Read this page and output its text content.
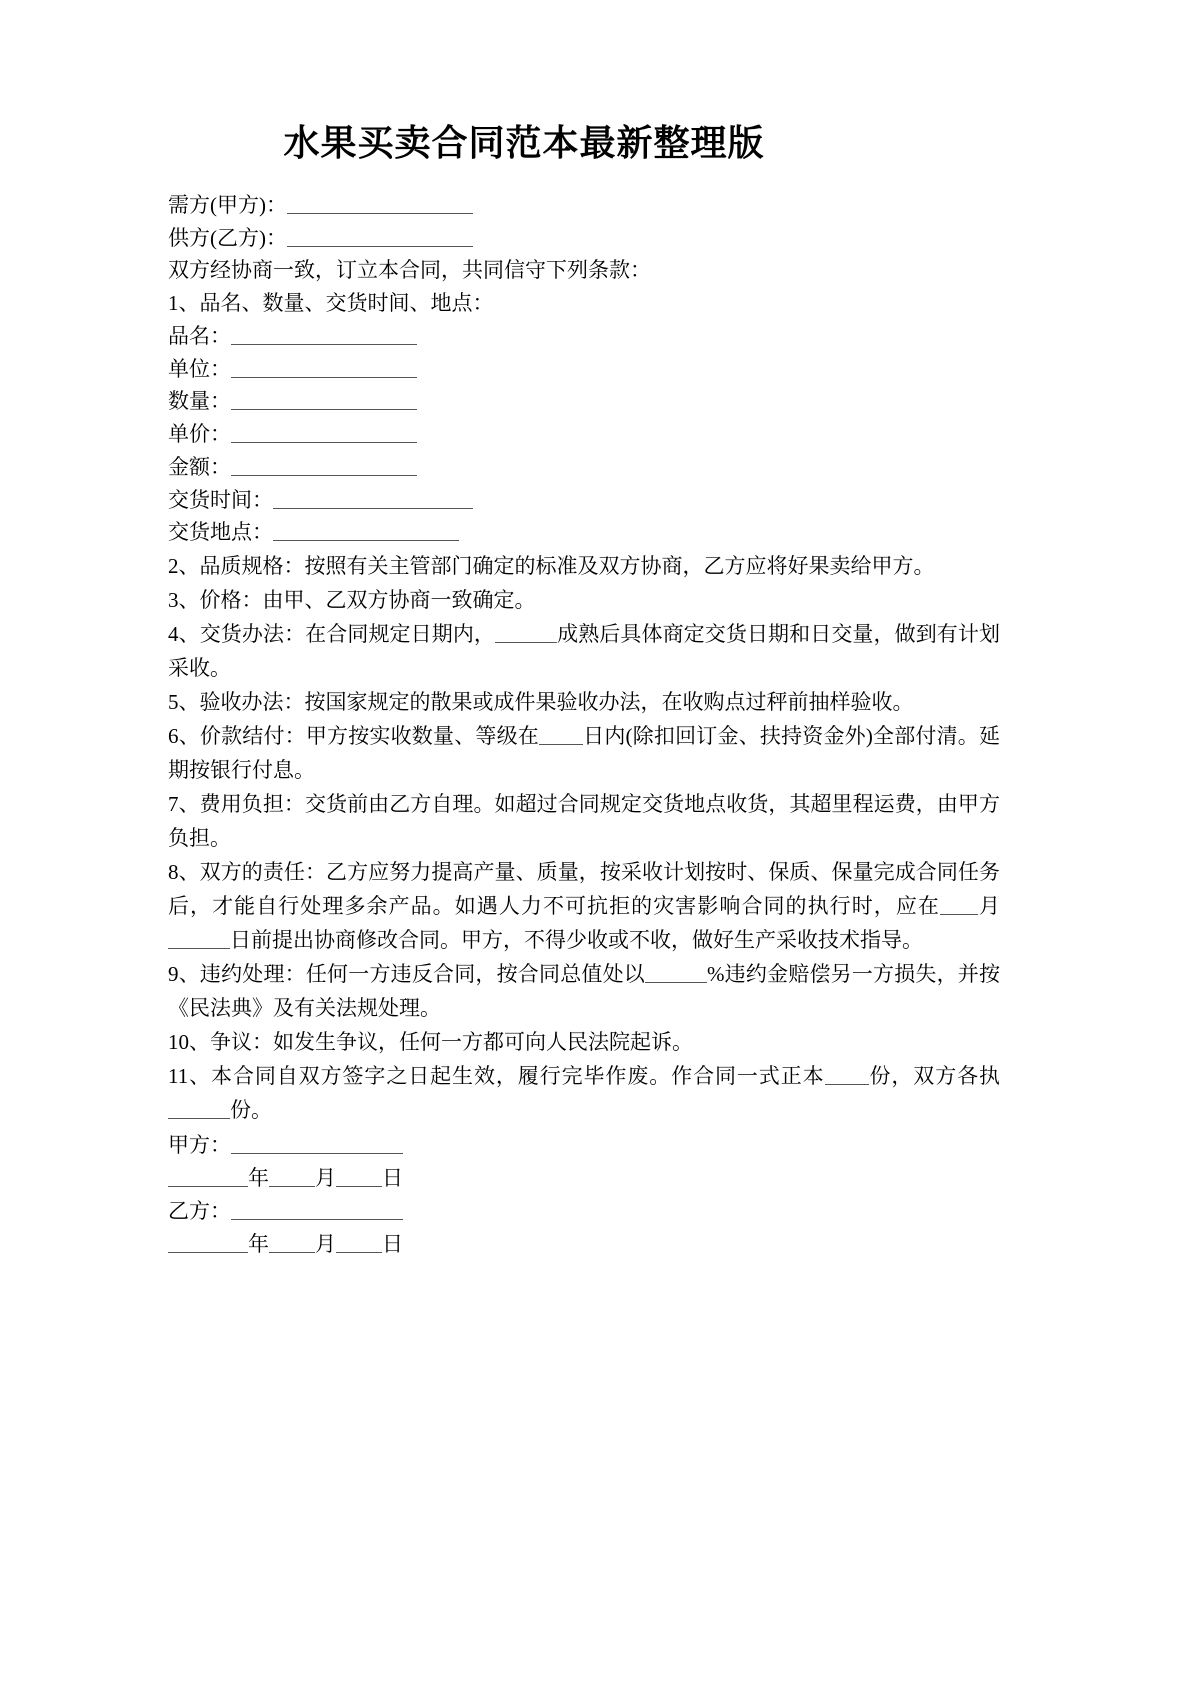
水果买卖合同范本最新整理版

需方(甲方)：

供方(乙方)：

双方经协商一致，订立本合同，共同信守下列条款：

1、品名、数量、交货时间、地点：

品名：

单位：

数量：

单价：

金额：

交货时间：

交货地点：

2、品质规格：按照有关主管部门确定的标准及双方协商，乙方应将好果卖给甲方。

3、价格：由甲、乙双方协商一致确定。

4、交货办法：在合同规定日期内，	成熟后具体商定交货日期和日交量，做到有计划采收。

5、验收办法：按国家规定的散果或成件果验收办法，在收购点过秤前抽样验收。

6、价款结付：甲方按实收数量、等级在 日内(除扣回订金、扶持资金外)全部付清。延期按银行付息。

7、费用负担：交货前由乙方自理。如超过合同规定交货地点收货，其超里程运费，由甲方负担。

8、双方的责任：乙方应努力提高产量、质量，按采收计划按时、保质、保量完成合同任务后，才能自行处理多余产品。如遇人力不可抗拒的灾害影响合同的执行时，应在 月日前提出协商修改合同。甲方，不得少收或不收，做好生产采收技术指导。

9、违约处理：任何一方违反合同，按合同总值处以	%违约金赔偿另一方损失，并按《民法典》及有关法规处理。

10、争议：如发生争议，任何一方都可向人民法院起诉。

11、本合同自双方签字之日起生效，履行完毕作废。作合同一式正本 份，双方各执份。

甲方：

年 月 日

乙方：

年 月 日
